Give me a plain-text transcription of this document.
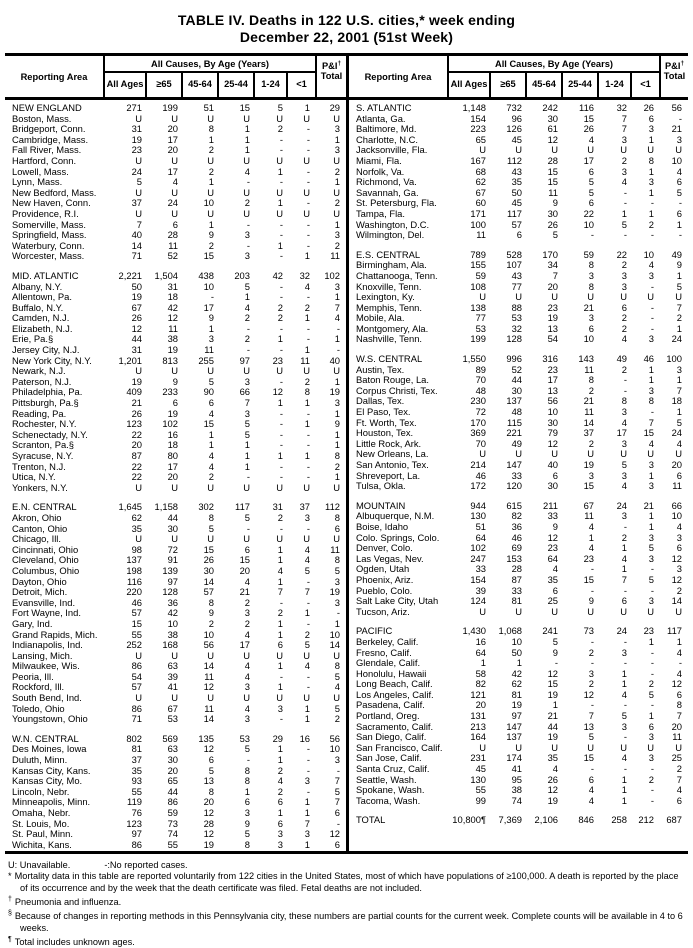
TABLE IV. Deaths in 122 U.S. cities,* week ending
December 22, 2001 (51st Week)
Reporting Area
All Causes, By Age (Years)
All Ages	≥65	45-64	25-44	1-24	<1
P&I†
Total	Reporting Area
All Causes, By Age (Years)
All Ages	≥65	45-64	25-44	1-24	<1
P&I†
Total
NEW ENGLAND	271	199	51	15	5	1	29
Boston, Mass.	U	U	U	U	U	U	U
Bridgeport, Conn.	31	20	8	1	2	-	3
Cambridge, Mass.	19	17	1	1	-	-	1
Fall River, Mass.	23	20	2	1	-	-	3
Hartford, Conn.	U	U	U	U	U	U	U
Lowell, Mass.	24	17	2	4	1	-	2
Lynn, Mass.	5	4	1	-	-	-	1
New Bedford, Mass.	U	U	U	U	U	U	U
New Haven, Conn.	37	24	10	2	1	-	2
Providence, R.I.	U	U	U	U	U	U	U
Somerville, Mass.	7	6	1	-	-	-	1
Springfield, Mass.	40	28	9	3	-	-	3
Waterbury, Conn.	14	11	2	-	1	-	2
Worcester, Mass.	71	52	15	3	-	1	11
MID. ATLANTIC	2,221	1,504	438	203	42	32	102
Albany, N.Y.	50	31	10	5	-	4	3
Allentown, Pa.	19	18	-	1	-	-	1
Buffalo, N.Y.	67	42	17	4	2	2	7
Camden, N.J.	26	12	9	2	2	1	4
Elizabeth, N.J.	12	11	1	-	-	-	-
Erie, Pa.§	44	38	3	2	1	-	1
Jersey City, N.J.	31	19	11	-	-	1	-
New York City, N.Y.	1,201	813	255	97	23	11	40
Newark, N.J.	U	U	U	U	U	U	U
Paterson, N.J.	19	9	5	3	-	2	1
Philadelphia, Pa.	409	233	90	66	12	8	19
Pittsburgh, Pa.§	21	6	6	7	1	1	3
Reading, Pa.	26	19	4	3	-	-	1
Rochester, N.Y.	123	102	15	5	-	1	9
Schenectady, N.Y.	22	16	1	5	-	-	1
Scranton, Pa.§	20	18	1	1	-	-	1
Syracuse, N.Y.	87	80	4	1	1	1	8
Trenton, N.J.	22	17	4	1	-	-	2
Utica, N.Y.	22	20	2	-	-	-	1
Yonkers, N.Y.	U	U	U	U	U	U	U
E.N. CENTRAL	1,645	1,158	302	117	31	37	112
Akron, Ohio	62	44	8	5	2	3	8
Canton, Ohio	35	30	5	-	-	-	6
Chicago, Ill.	U	U	U	U	U	U	U
Cincinnati, Ohio	98	72	15	6	1	4	11
Cleveland, Ohio	137	91	26	15	1	4	8
Columbus, Ohio	198	139	30	20	4	5	5
Dayton, Ohio	116	97	14	4	1	-	3
Detroit, Mich.	220	128	57	21	7	7	19
Evansville, Ind.	46	36	8	2	-	-	3
Fort Wayne, Ind.	57	42	9	3	2	1	-
Gary, Ind.	15	10	2	2	1	-	1
Grand Rapids, Mich.	55	38	10	4	1	2	10
Indianapolis, Ind.	252	168	56	17	6	5	14
Lansing, Mich.	U	U	U	U	U	U	U
Milwaukee, Wis.	86	63	14	4	1	4	8
Peoria, Ill.	54	39	11	4	-	-	5
Rockford, Ill.	57	41	12	3	1	-	4
South Bend, Ind.	U	U	U	U	U	U	U
Toledo, Ohio	86	67	11	4	3	1	5
Youngstown, Ohio	71	53	14	3	-	1	2
W.N. CENTRAL	802	569	135	53	29	16	56
Des Moines, Iowa	81	63	12	5	1	-	10
Duluth, Minn.	37	30	6	-	1	-	3
Kansas City, Kans.	35	20	5	8	2	-	-
Kansas City, Mo.	93	65	13	8	4	3	7
Lincoln, Nebr.	55	44	8	1	2	-	5
Minneapolis, Minn.	119	86	20	6	6	1	7
Omaha, Nebr.	76	59	12	3	1	1	6
St. Louis, Mo.	123	73	28	9	6	7	-
St. Paul, Minn.	97	74	12	5	3	3	12
Wichita, Kans.	86	55	19	8	3	1	6
S. ATLANTIC	1,148	732	242	116	32	26	56
Atlanta, Ga.	154	96	30	15	7	6	-
Baltimore, Md.	223	126	61	26	7	3	21
Charlotte, N.C.	65	45	12	4	3	1	3
Jacksonville, Fla.	U	U	U	U	U	U	U
Miami, Fla.	167	112	28	17	2	8	10
Norfolk, Va.	68	43	15	6	3	1	4
Richmond, Va.	62	35	15	5	4	3	6
Savannah, Ga.	67	50	11	5	-	1	5
St. Petersburg, Fla.	60	45	9	6	-	-	-
Tampa, Fla.	171	117	30	22	1	1	6
Washington, D.C.	100	57	26	10	5	2	1
Wilmington, Del.	11	6	5	-	-	-	-
E.S. CENTRAL	789	528	170	59	22	10	49
Birmingham, Ala.	155	107	34	8	2	4	9
Chattanooga, Tenn.	59	43	7	3	3	3	1
Knoxville, Tenn.	108	77	20	8	3	-	5
Lexington, Ky.	U	U	U	U	U	U	U
Memphis, Tenn.	138	88	23	21	6	-	7
Mobile, Ala.	77	53	19	3	2	-	2
Montgomery, Ala.	53	32	13	6	2	-	1
Nashville, Tenn.	199	128	54	10	4	3	24
W.S. CENTRAL	1,550	996	316	143	49	46	100
Austin, Tex.	89	52	23	11	2	1	3
Baton Rouge, La.	70	44	17	8	-	1	1
Corpus Christi, Tex.	48	30	13	2	-	3	7
Dallas, Tex.	230	137	56	21	8	8	18
El Paso, Tex.	72	48	10	11	3	-	1
Ft. Worth, Tex.	170	115	30	14	4	7	5
Houston, Tex.	369	221	79	37	17	15	24
Little Rock, Ark.	70	49	12	2	3	4	4
New Orleans, La.	U	U	U	U	U	U	U
San Antonio, Tex.	214	147	40	19	5	3	20
Shreveport, La.	46	33	6	3	3	1	6
Tulsa, Okla.	172	120	30	15	4	3	11
MOUNTAIN	944	615	211	67	24	21	66
Albuquerque, N.M.	130	82	33	11	3	1	10
Boise, Idaho	51	36	9	4	-	1	4
Colo. Springs, Colo.	64	46	12	1	2	3	3
Denver, Colo.	102	69	23	4	1	5	6
Las Vegas, Nev.	247	153	64	23	4	3	12
Ogden, Utah	33	28	4	-	1	-	3
Phoenix, Ariz.	154	87	35	15	7	5	12
Pueblo, Colo.	39	33	6	-	-	-	2
Salt Lake City, Utah	124	81	25	9	6	3	14
Tucson, Ariz.	U	U	U	U	U	U	U
PACIFIC	1,430	1,068	241	73	24	23	117
Berkeley, Calif.	16	10	5	-	-	1	1
Fresno, Calif.	64	50	9	2	3	-	4
Glendale, Calif.	1	1	-	-	-	-	-
Honolulu, Hawaii	58	42	12	3	1	-	4
Long Beach, Calif.	82	62	15	2	1	2	12
Los Angeles, Calif.	121	81	19	12	4	5	6
Pasadena, Calif.	20	19	1	-	-	-	8
Portland, Oreg.	131	97	21	7	5	1	7
Sacramento, Calif.	213	147	44	13	3	6	20
San Diego, Calif.	164	137	19	5	-	3	11
San Francisco, Calif.	U	U	U	U	U	U	U
San Jose, Calif.	231	174	35	15	4	3	25
Santa Cruz, Calif.	45	41	4	-	-	-	2
Seattle, Wash.	130	95	26	6	1	2	7
Spokane, Wash.	55	38	12	4	1	-	4
Tacoma, Wash.	99	74	19	4	1	-	6
TOTAL	10,800¶	7,369	2,106	846	258	212	687
U: Unavailable.	-:No reported cases.
* Mortality data in this table are reported voluntarily from 122 cities in the United States, most of which have populations of ≥100,000. A death is reported by the place of its occurrence and by the week that the death certificate was filed. Fetal deaths are not included.
† Pneumonia and influenza.
§ Because of changes in reporting methods in this Pennsylvania city, these numbers are partial counts for the current week. Complete counts will be available in 4 to 6 weeks.
¶ Total includes unknown ages.
